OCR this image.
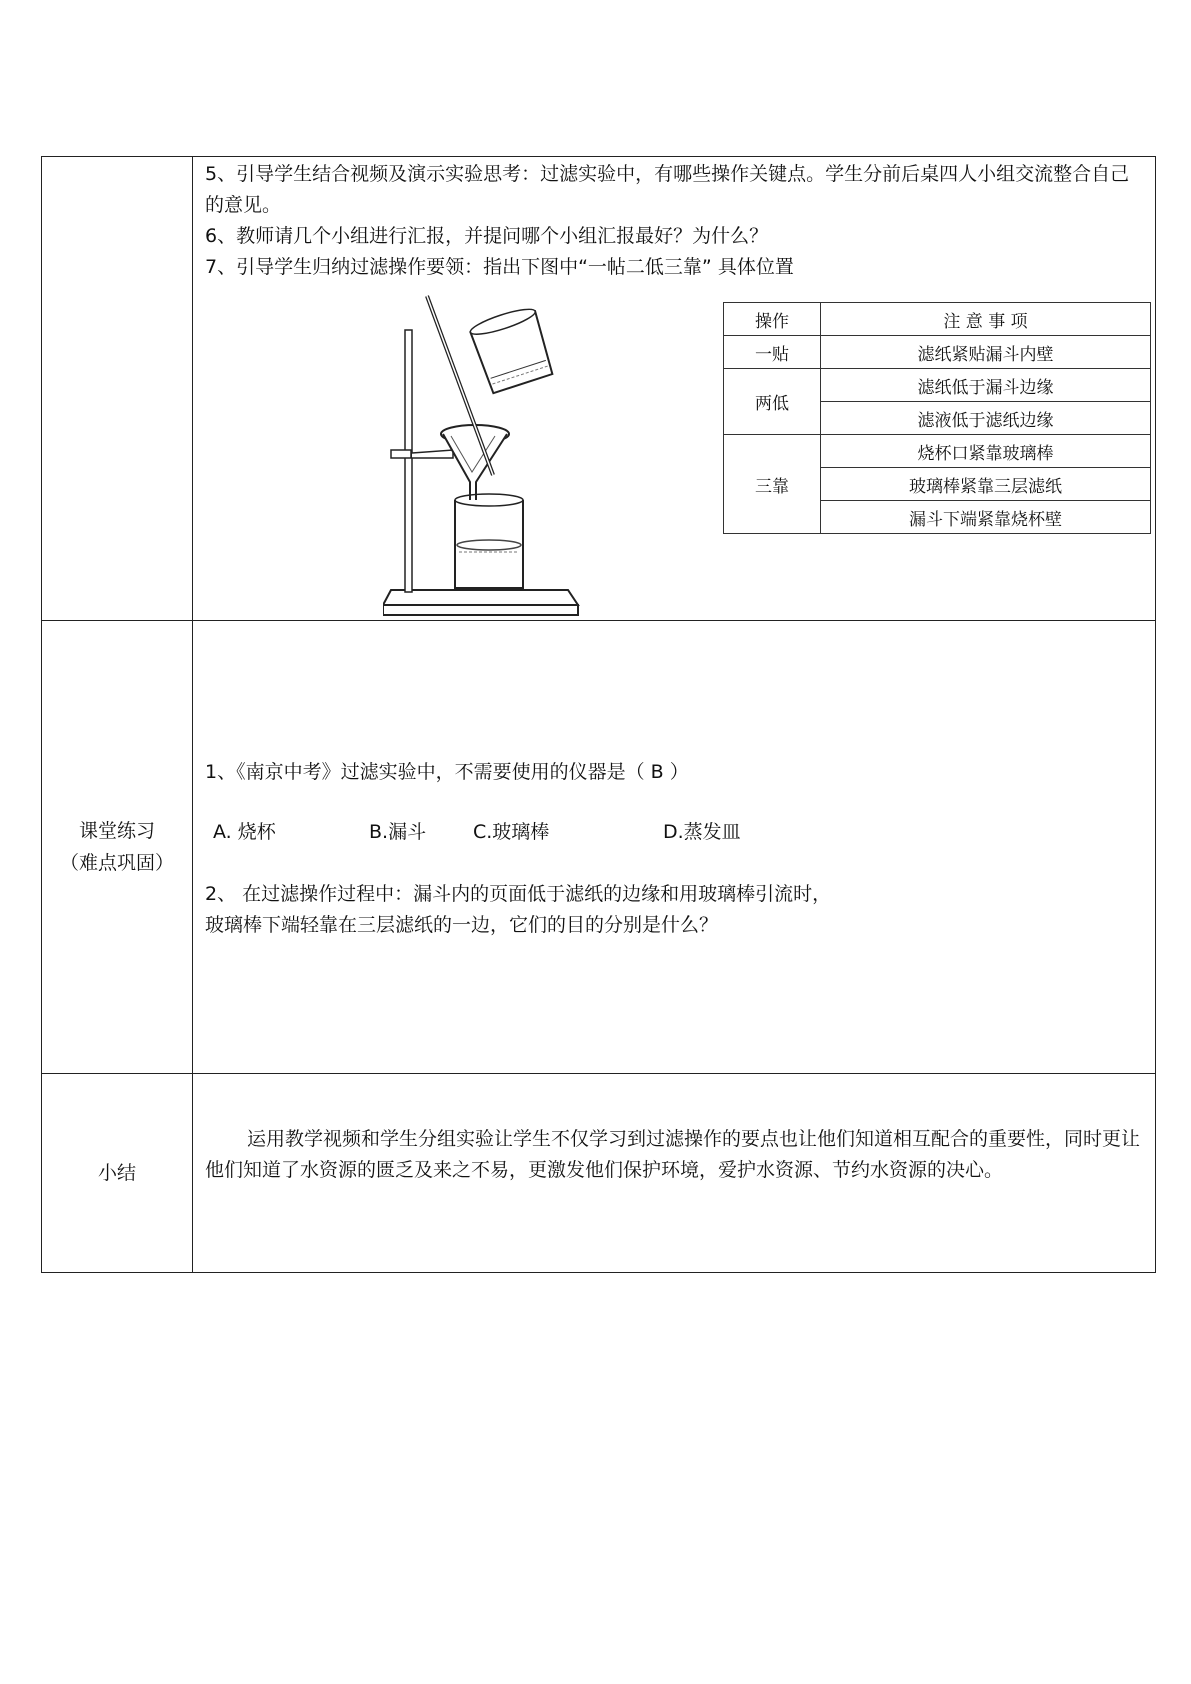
5、引导学生结合视频及演示实验思考：过滤实验中，有哪些操作关键点。学生分前后桌四人小组交流整合自己的意见。

6、教师请几个小组进行汇报，并提问哪个小组汇报最好？为什么？

7、引导学生归纳过滤操作要领：指出下图中“一帖二低三靠” 具体位置

操作	注 意 事 项
一贴	滤纸紧贴漏斗内壁
两低	滤纸低于漏斗边缘
滤液低于滤纸边缘
三靠	烧杯口紧靠玻璃棒
玻璃棒紧靠三层滤纸
漏斗下端紧靠烧杯壁

课堂练习
（难点巩固）

1、《南京中考》过滤实验中，不需要使用的仪器是（ B ）

A. 烧杯	B.漏斗 C.玻璃棒	D.蒸发皿

2、 在过滤操作过程中：漏斗内的页面低于滤纸的边缘和用玻璃棒引流时，

玻璃棒下端轻靠在三层滤纸的一边，它们的目的分别是什么？

小结	
运用教学视频和学生分组实验让学生不仅学习到过滤操作的要点也让他们知道相互配合的重要性，同时更让他们知道了水资源的匮乏及来之不易，更激发他们保护环境，爱护水资源、节约水资源的决心。
